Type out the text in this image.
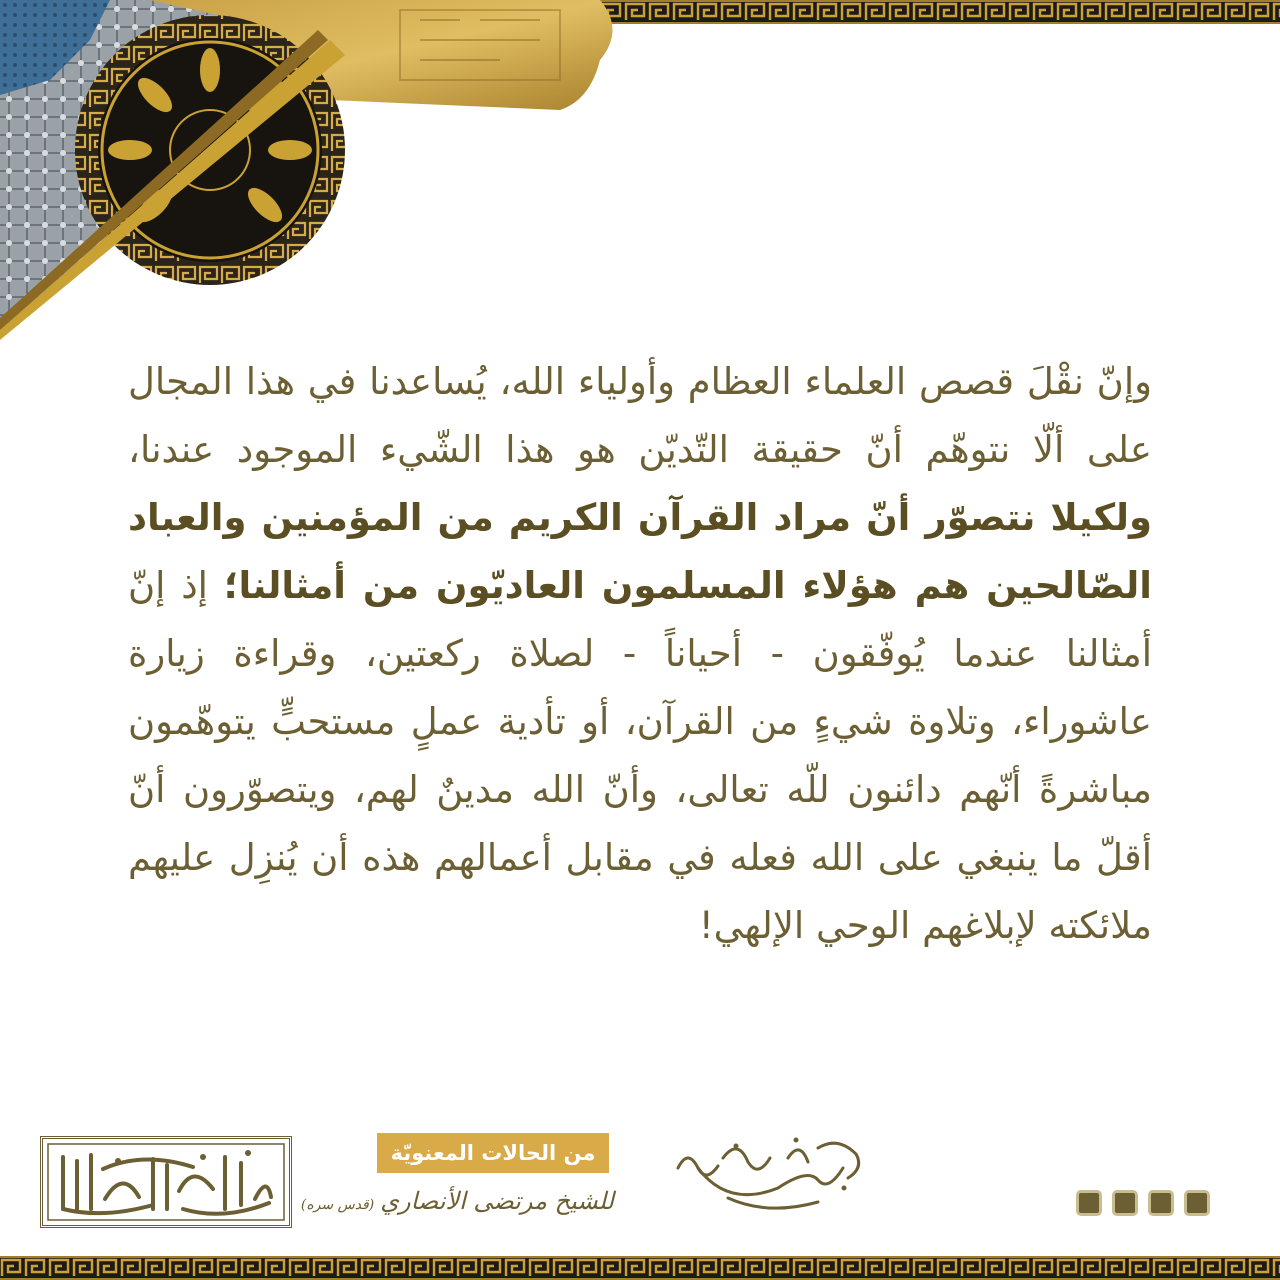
وإنّ نقْلَ قصص العلماء العظام وأولياء الله، يُساعدنا في هذا المجال على ألّا نتوهّم أنّ حقيقة التّديّن هو هذا الشّيء الموجود عندنا، ولكيلا نتصوّر أنّ مراد القرآن الكريم من المؤمنين والعباد الصّالحين هم هؤلاء المسلمون العاديّون من أمثالنا؛ إذ إنّ أمثالنا عندما يُوفّقون - أحياناً - لصلاة ركعتين، وقراءة زيارة عاشوراء، وتلاوة شيءٍ من القرآن، أو تأدية عملٍ مستحبٍّ يتوهّمون مباشرةً أنّهم دائنون للّه تعالى، وأنّ الله مدينٌ لهم، ويتصوّرون أنّ أقلّ ما ينبغي على الله فعله في مقابل أعمالهم هذه أن يُنزِل عليهم ملائكته لإبلاغهم الوحي الإلهي!
من الحالات المعنويّة
للشيخ مرتضى الأنصاري(قدس سره)
